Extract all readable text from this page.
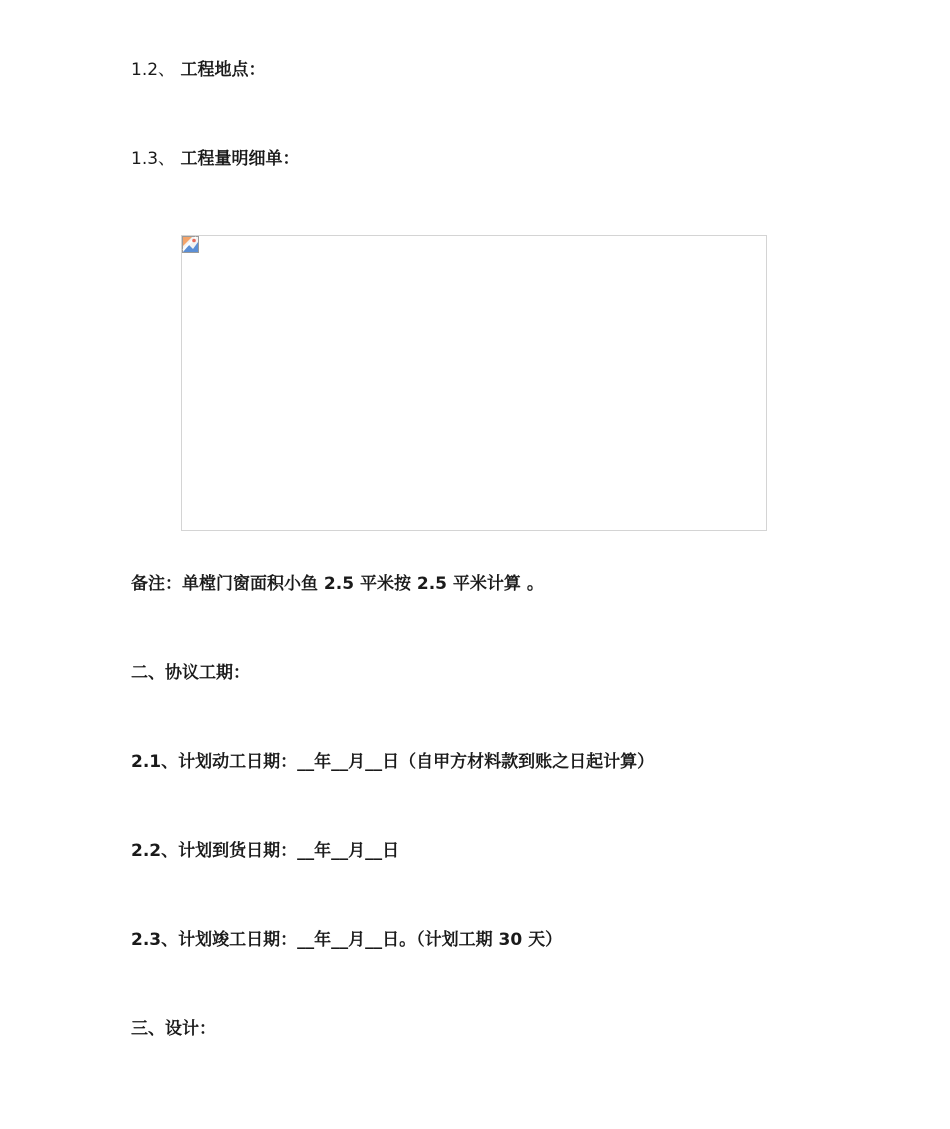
1.2、 工程地点：
1.3、 工程量明细单：
备注：单樘门窗面积小鱼 2.5 平米按 2.5 平米计算 。
二、协议工期：
2.1、计划动工日期：__年__月__日（自甲方材料款到账之日起计算）
2.2、计划到货日期：__年__月__日
2.3、计划竣工日期：__年__月__日。（计划工期 30 天）
三、设计：
